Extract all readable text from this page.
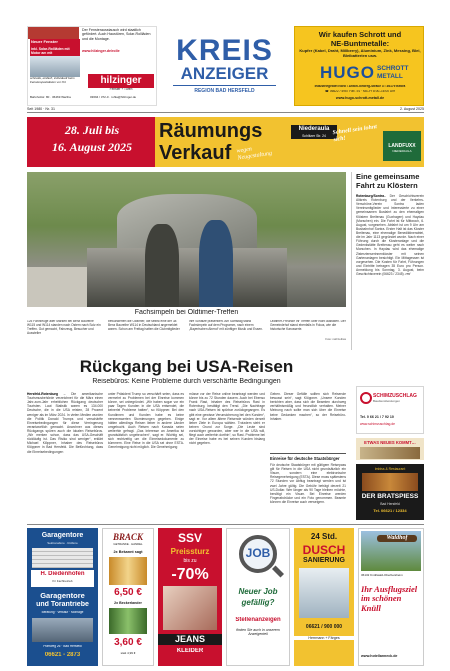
Neuer Fenster
inkl. Solar-Rollläden mit Motor am mit
Der Fensterausstausch wird staatlich gefördert. Auch Haustüren, Solar-Rollläden und die Montage.
www.hilzinger.de/rolle
schnelle, einfach, individuell beim Fensterspezialisten vor Ort	hilzinger
Fenster + Türen
Bahnhofstr. 80 · 36469 Wartha	03694 / 372-0 · ruhla@hilzinger.de
KREIS
ANZEIGER
REGION BAD HERSFELD
Wir kaufen Schrott und
NE-Buntmetalle:
Kupfer (Kabel, Draht, Millberry), Aluminium, Zink, Messing, Blei, Bleibatterien usw.
HUGO SCHROTT
METALL
Industriegebiet Nord • Anton-Geberg-Straße 3 • 36179 Bebra
☎ 06622 / 4957 Fax -91 · Mo–Fr 8:00–16:00 Uhr
www.hugo-schrott-metall.de
Seit 1980 · Nr. 31	2. August 2025
28. Juli bis
16. August 2025
Räumungs
Verkauf wegen Neugestaltung
Niederaula
Schlitzer Str. 24	Schnell sein lohnt sich!
LANDFUXX
NIEDERAULA
Fachsimpeln bei Oldtimer-Treffen
125 Fahrzeuge aller Marken bei Benz Baureihe W115 und W114 standen nach Ostern nach Solz ein Treffen. Gut gemacht, Fahrzeug, Besucher und Aussteller
bewunderten die Oldtimer, die selbst eine der 38 Benz Baureihe W114 in Deutschland angemeldet waren. Schon am Freitag hatten die Clubmitglieder
ihre Schätze präsentiert. Am Samstag stand Fachsimpeln auf dem Programm, nach einem „Bayerischen Abend“ mit zünftiger Musik und Essen.
Oldtimer-Freunde Ihr Treffen über nicht ausfallen. Der Gemeindehof stand ebenfalls in Fokus, wie die historische Karosserie.
Foto: nah/zeibas
Eine gemeinsame Fahrt zu Klöstern
Rotenburg/Sontra– Der Geschichtsverein Altkreis Rotenburg und der Verkehrs-Verschöne-Verein Sontra laden Vereinsmitglieder und Interessierte zu einer gemeinsamen Busfahrt zu den ehemaligen Klöstern Breitenau (Guxhagen) und Haydau (Morschen) ein. Die Fahrt ist für Mittwoch, 6. August, vorgesehen. Abfahrt ist um 9 Uhr am Busbahnhof Sontra. Erster Halt ist das Kloster Breitenau, eine ehemalige Benediktinerabtei, die im Jahr 1113 gegründet wurde. Nach einer Führung durch die Klosteranlage und die Gedenkstätte Breitenau geht es weiter nach Morschen. In Haydau wird das ehemalige Zisterzienserinnenkloster mit seinen Gartenanlagen besichtigt. Ein Mittagessen ist vorgesehen. Die Kosten für Fahrt, Führungen und Eintritte betragen 35 Euro pro Person. Anmeldung bis Sonntag, 3. August, beim Geschichtsverein (06623 / 2345). red
Rückgang bei USA-Reisen
Reisebüros: Keine Probleme durch verschärfte Bedingungen
Hersfeld-Rotenburg – Die amerikanische Tourismusbehörde verzeichnet für die März einen Jahr-zum-Jahr erheblichen Rückgang deutscher Touristen. Laut Statistik waren es 134.000 Deutsche, die in die USA reisten, 28 Prozent weniger als im März 2024. In vielen Medien wurden die Politik Donald Trumps und verschärfte Einreisebedingungen für diese Verringerung verantwortlich gemacht. Anwohner aus dieses Rückgangs spüren auch die lokalen Reisebüros. „Wir merken schon, dass das USA-Geschäft rückläufig ist. Das Risiko sind weniger“, erklärt Michael Klöppner, Inhaber des Reisebüros Klöppner in Bad Hersfeld. Die Befürchtung, dass die Einreisebedingungen
unter Präsident Trump so verschärft seien, dass es vermehrt zu Problemen bei der Einreise kommen könne, sei unbegründet. „Wir haben sogar vor ein paar Tagen Kunden in die USA entsendet, die keinerlei Probleme hatten“, so Klöppner. Bei den Kundinnen und Kunden habe es keine nennenswerten Stornierungen gegeben. Einige hätten allerdings Reisen lieber in andere Länder umgebucht. Auch Reisen nach Kanada seien weiterhin gefragt. „Das Interesse an Amerika ist grundsätzlich ungebrochen“, sagt er. Wichtig sei, sich rechtzeitig um die Einreisedokumente zu kümmern. Eine Reise in die USA sei ohne ESTA-Genehmigung nicht möglich. Die Genehmigung
müsse vor der Reise online beantragt werden und könne bis zu 72 Stunden dauern. Auch bei Ebenso Frank Rast, Inhaber des Reisebüros Rast in Rotenburg, bestätigt den Trend. „Die Nachfrage nach USA-Reisen ist spürbar zurückgegangen. Es gibt eine gewisse Verunsicherung bei den Kunden“, sagt er. Vor allem ältere Reisende würden derzeit lieber Ziele in Europa wählen. Trotzdem sieht er keinen Grund zur Sorge. „Die Leute sind vorsichtiger geworden, aber wer in die USA will, fliegt auch weiterhin dorthin“, so Rast. Probleme bei der Einreise habe es bei seinen Kunden bislang nicht gegeben.
Geben. Dieser Gefälle sollten sich Reisende bewusst sein“, sagt Klöppner. „Unsere Kunden berichten aber, dass sich die Beamten durchweg verhältnismäßig und freundlich verhalten. Meiner Meinung nach sollte man sich über die Einreise keine Gedanken machen“, so der Reisebüro-Inhaber.
Einreise für deutsche Staatsbürger
Für deutsche Staatsbürger mit gültigem Reisepass gilt für Reisen in die USA nicht grundsätzlich ein Visum, sondern eine elektronische Reisegenehmigung (ESTA). Diese muss spätestens 72 Stunden vor Abflug beantragt werden und ist zwei Jahre gültig. Die Gebühr beträgt derzeit 21 US-Dollar. Wer länger als 90 Tage bleiben möchte, benötigt ein Visum. Bei Einreise werden Fingerabdrücke und ein Foto genommen. Beamte können die Einreise auch verweigern.
SCHIMZUSCHLAG
Baudienstleistungen
Tel. 0 66 21 / 7 92 10
www.schimzuschlag.de
ETWAS NEUES KOMMT…
Imbiss & Restaurant
DER BRATSPIESS
Bad Hersfeld
Tel. 06621 / 12334
Garagentore
Sektionaltore · Rolltore
H. Diedenhofen
Ihr Fachbetrieb
Garagentore
und Torantriebe
Beratung · Verkauf · Montage
Pfarrweg 26 · Bad Hersfeld
06621 - 2873
BRACK
GETRÄNKE · HANDEL
2x Bekannt sagt
6,50 €
2x Beckerlander
3,60 €
statt 4,99 €
SSV
Preissturz
bis zu
-70%
JEANS
KLEIDER
JOB
Neuer Job
gefällig?
Stellenanzeigen
finden Sie auch in unserem Anzeigenteil
24 Std.
DUSCH
SANIERUNG
06621 / 900 000
Herrmann + Färges
Waldhof
36132 Knüllwald-Oberbeisheim
Ihr Ausflugsziel im schönen Knüll
www.hotellanneck.de
